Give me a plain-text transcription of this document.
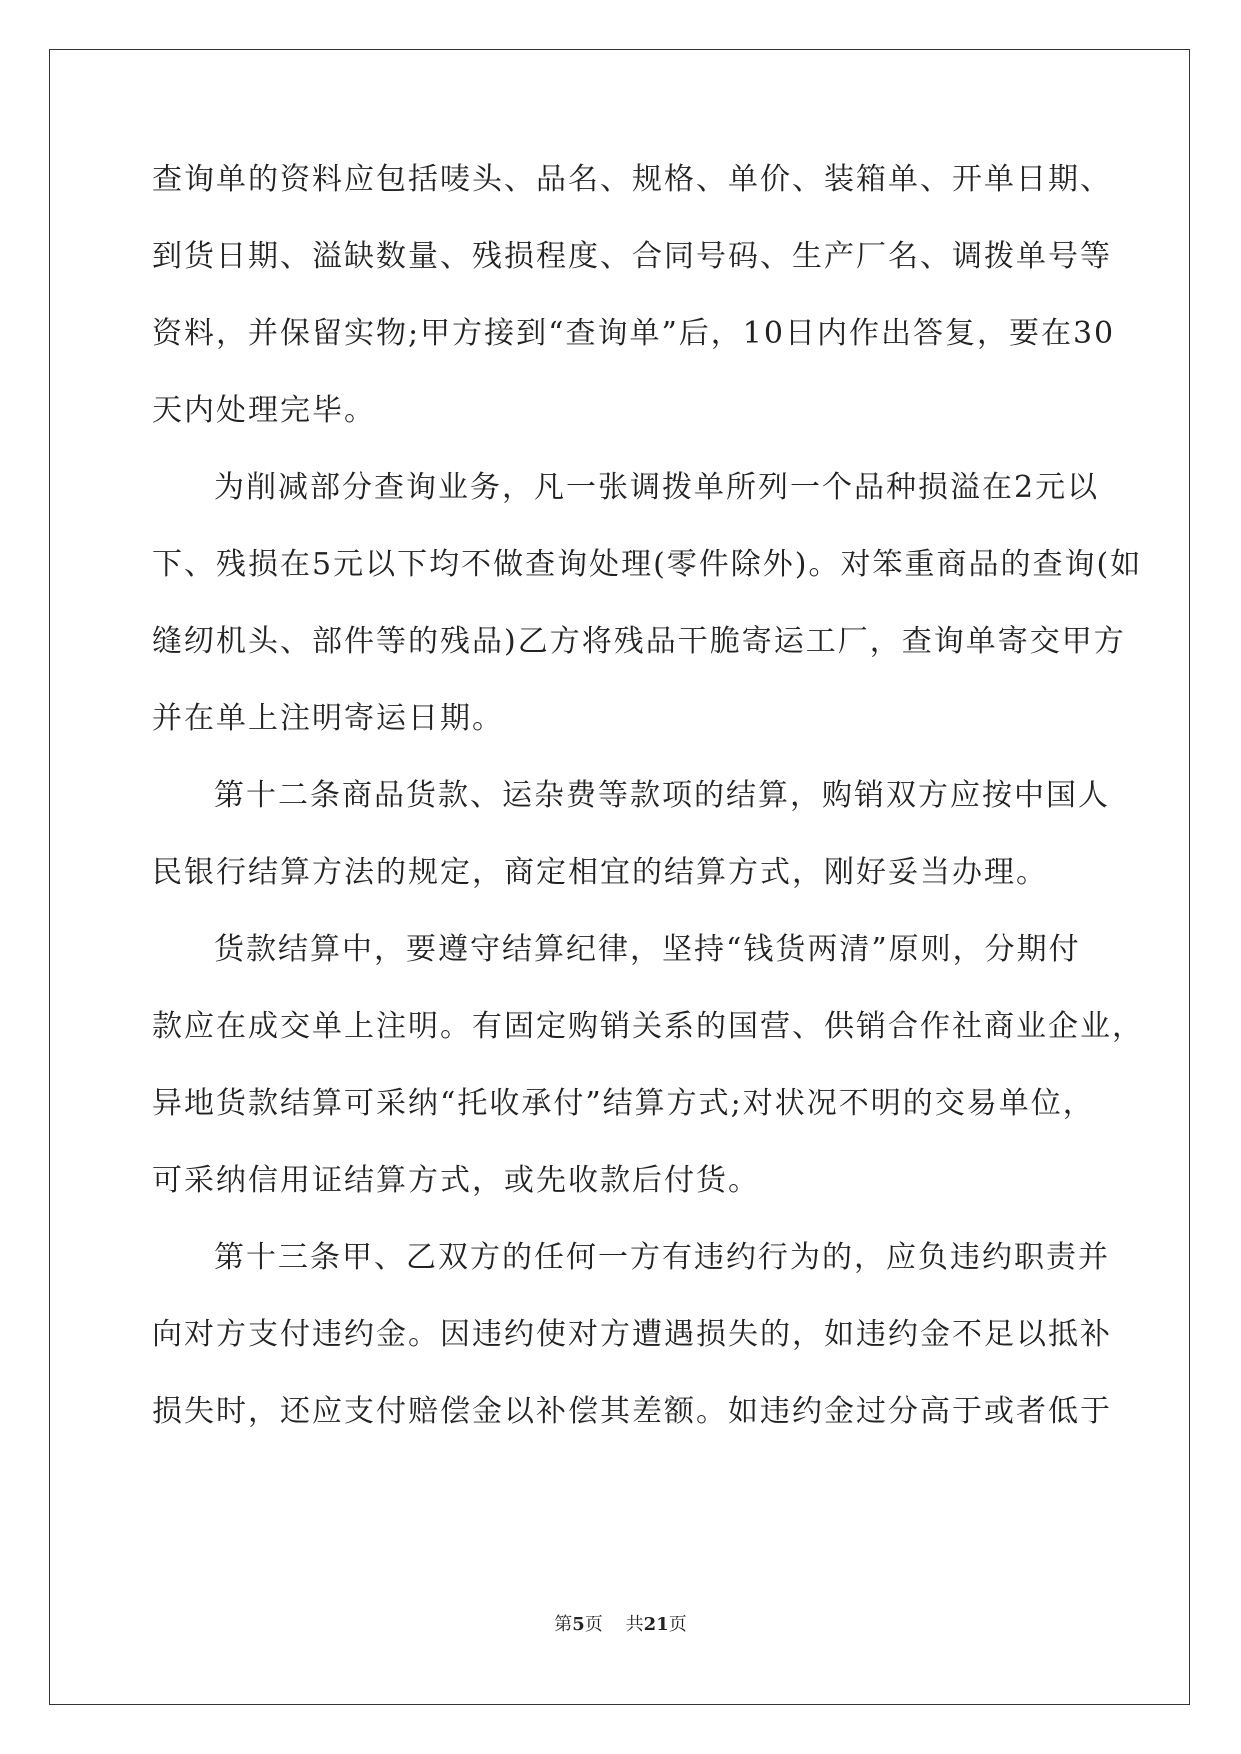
查询单的资料应包括唛头、品名、规格、单价、装箱单、开单日期、
到货日期、溢缺数量、残损程度、合同号码、生产厂名、调拨单号等
资料，并保留实物;甲方接到“查询单”后，10日内作出答复，要在30
天内处理完毕。
为削减部分查询业务，凡一张调拨单所列一个品种损溢在2元以
下、残损在5元以下均不做查询处理(零件除外)。对笨重商品的查询(如
缝纫机头、部件等的残品)乙方将残品干脆寄运工厂，查询单寄交甲方
并在单上注明寄运日期。
第十二条商品货款、运杂费等款项的结算，购销双方应按中国人
民银行结算方法的规定，商定相宜的结算方式，刚好妥当办理。
货款结算中，要遵守结算纪律，坚持“钱货两清”原则，分期付
款应在成交单上注明。有固定购销关系的国营、供销合作社商业企业，
异地货款结算可采纳“托收承付”结算方式;对状况不明的交易单位，
可采纳信用证结算方式，或先收款后付货。
第十三条甲、乙双方的任何一方有违约行为的，应负违约职责并
向对方支付违约金。因违约使对方遭遇损失的，如违约金不足以抵补
损失时，还应支付赔偿金以补偿其差额。如违约金过分高于或者低于
第5页 共21页
